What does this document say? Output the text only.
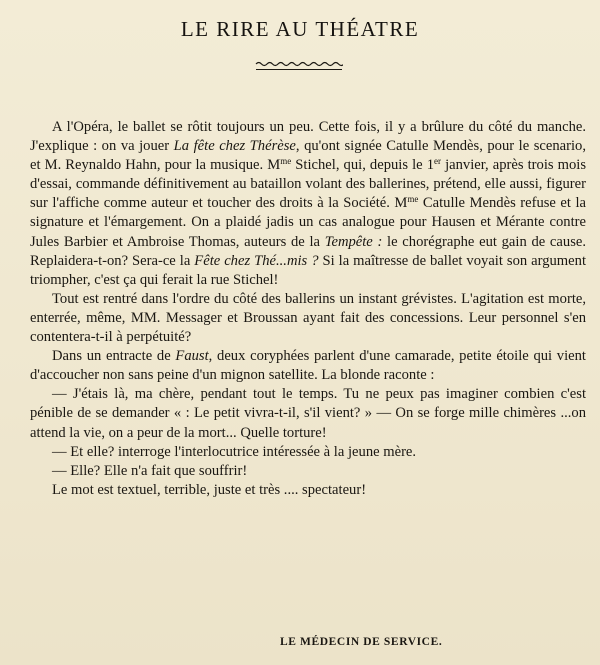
LE RIRE AU THÉATRE

A l'Opéra, le ballet se rôtit toujours un peu. Cette fois, il y a brûlure du côté du manche. J'explique : on va jouer La fête chez Thérèse, qu'ont signée Catulle Mendès, pour le scenario, et M. Reynaldo Hahn, pour la musique. $M^{me}$ Stichel, qui, depuis le 1er janvier, après trois mois d'essai, commande définitivement au bataillon volant des ballerines, prétend, elle aussi, figurer sur l'affiche comme auteur et toucher des droits à la Société. $M^{me}$ Catulle Mendès refuse et la signature et l'émargement. On a plaidé jadis un cas analogue pour Hausen et Mérante contre Jules Barbier et Ambroise Thomas, auteurs de la Tempête : le chorégraphe eut gain de cause. Replaidera-t-on? Sera-ce la Fête chez Thé...mis ? Si la maîtresse de ballet voyait son argument triompher, c'est ça qui ferait la rue Stichel!

Tout est rentré dans l'ordre du côté des ballerins un instant grévistes. L'agitation est morte, enterrée, même, MM. Messager et Broussan ayant fait des concessions. Leur personnel s'en contentera-t-il à perpétuité?

Dans un entracte de Faust, deux coryphées parlent d'une camarade, petite étoile qui vient d'accoucher non sans peine d'un mignon satellite. La blonde raconte :

— J'étais là, ma chère, pendant tout le temps. Tu ne peux pas imaginer combien c'est pénible de se demander « : Le petit vivra-t-il, s'il vient? » — On se forge mille chimères ...on attend la vie, on a peur de la mort... Quelle torture!

— Et elle? interroge l'interlocutrice intéressée à la jeune mère.

— Elle? Elle n'a fait que souffrir!

Le mot est textuel, terrible, juste et très .... spectateur!

LE MÉDECIN DE SERVICE.
